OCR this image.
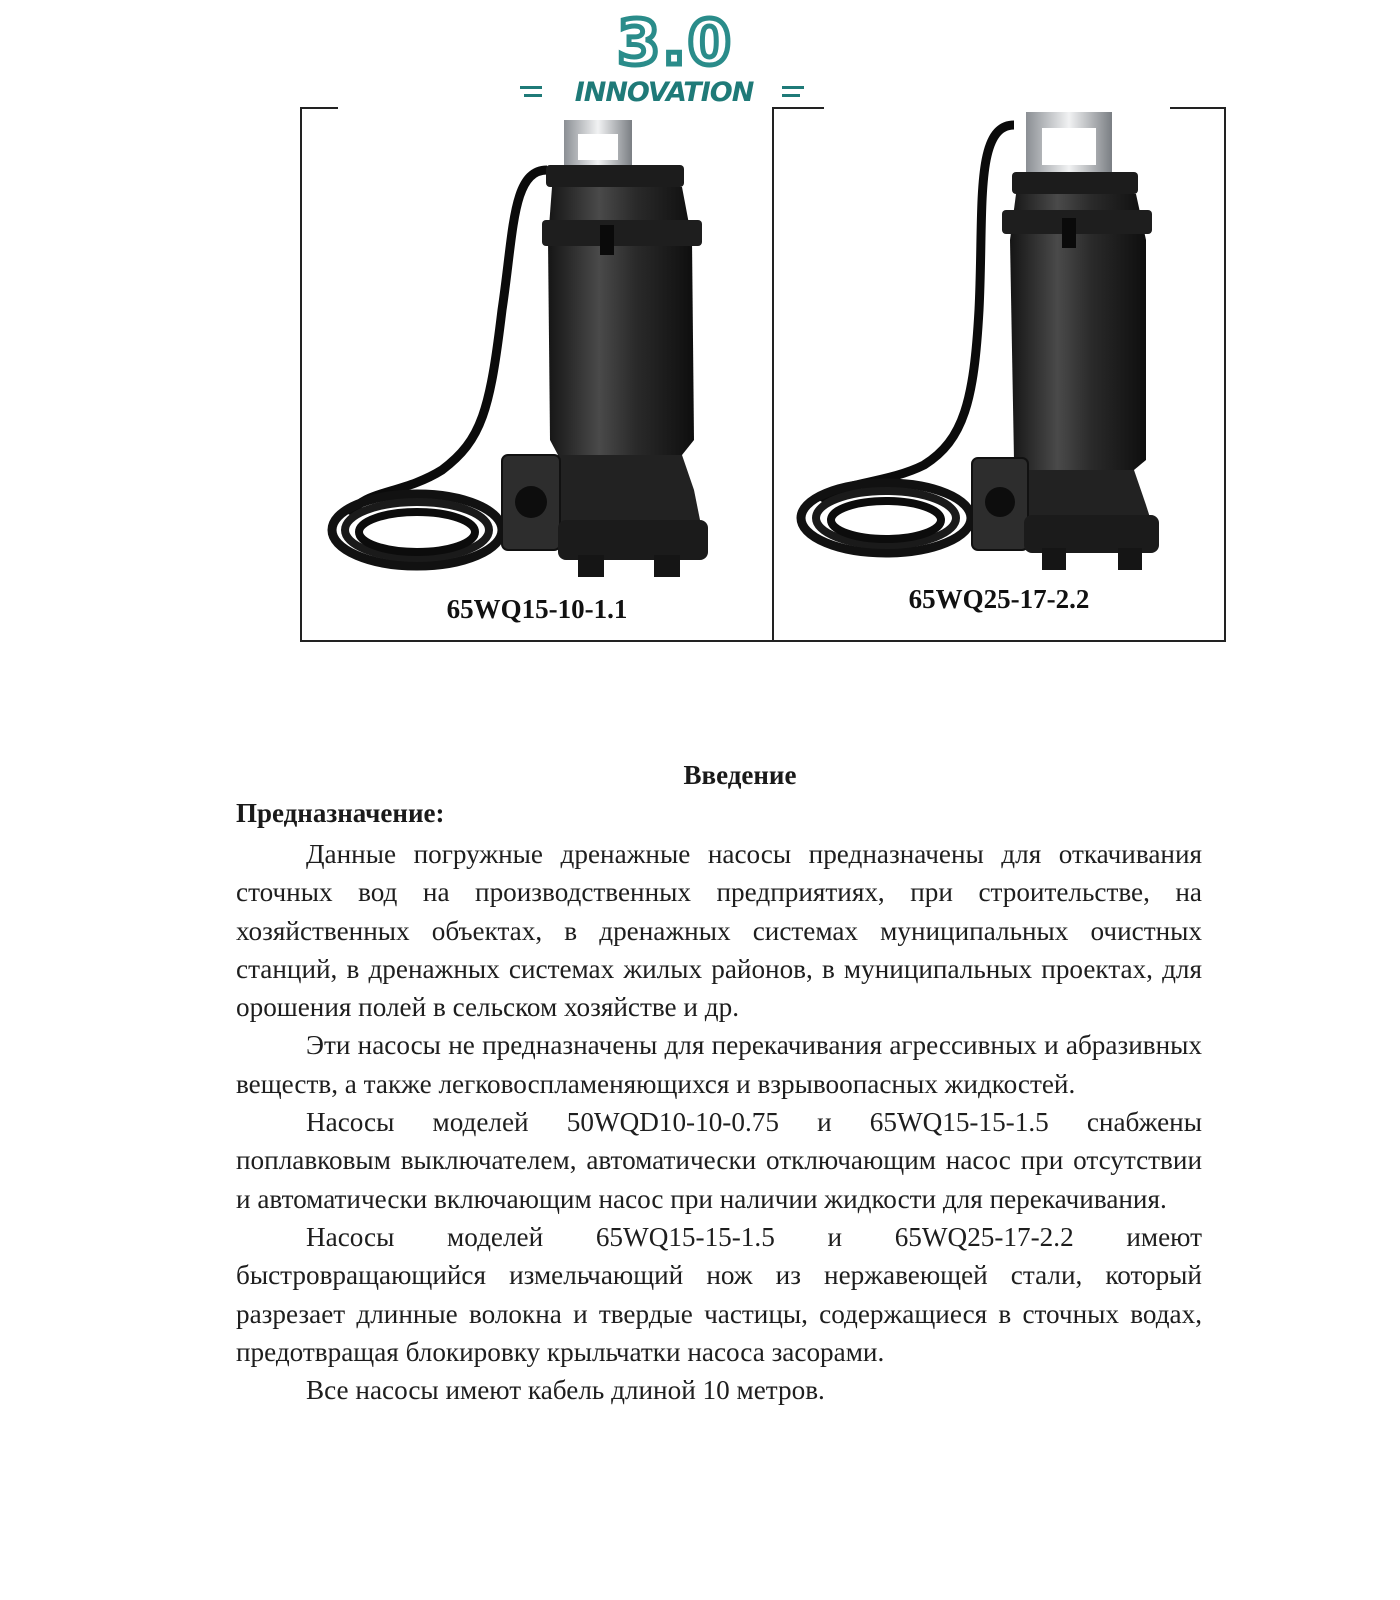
3.0
INNOVATION
65WQ15-10-1.1	65WQ25-17-2.2
Введение
Предназначение:

Данные погружные дренажные насосы предназначены для откачивания сточных вод на производственных предприятиях, при строительстве, на хозяйственных объектах, в дренажных системах муниципальных очистных станций, в дренажных системах жилых районов, в муниципальных проектах, для орошения полей в сельском хозяйстве и др.

Эти насосы не предназначены для перекачивания агрессивных и абразивных веществ, а также легковоспламеняющихся и взрывоопасных жидкостей.

Насосы моделей 50WQD10-10-0.75 и 65WQ15-15-1.5 снабжены поплавковым выключателем, автоматически отключающим насос при отсутствии и автоматически включающим насос при наличии жидкости для перекачивания.

Насосы моделей 65WQ15-15-1.5 и 65WQ25-17-2.2 имеют быстровращающийся измельчающий нож из нержавеющей стали, который разрезает длинные волокна и твердые частицы, содержащиеся в сточных водах, предотвращая блокировку крыльчатки насоса засорами.

Все насосы имеют кабель длиной 10 метров.
